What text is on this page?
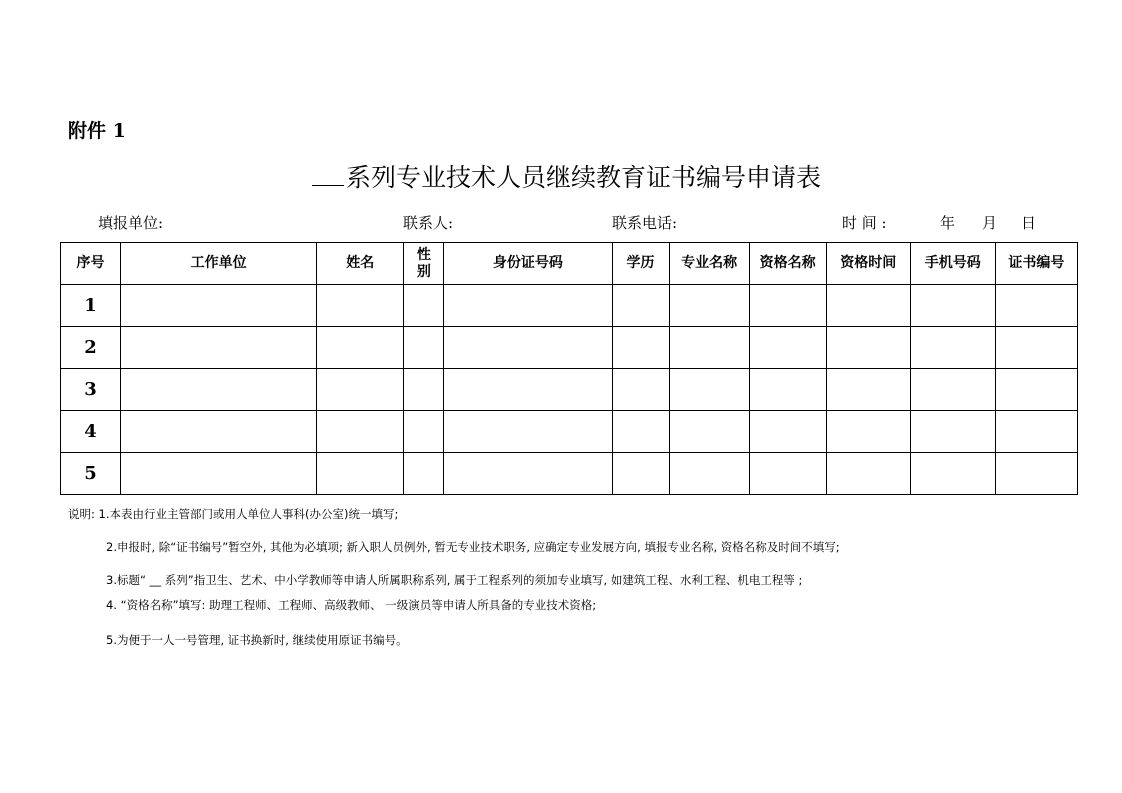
附件 1
系列专业技术人员继续教育证书编号申请表
填报单位:	联系人:	联系电话:	时 间 :	年 月 日
序号	工作单位	姓名	性别	身份证号码	学历	专业名称	资格名称	资格时间	手机号码	证书编号
1										
2										
3										
4										
5										
说明: 1.本表由行业主管部门或用人单位人事科(办公室)统一填写;
2.申报时, 除“证书编号”暂空外, 其他为必填项; 新入职人员例外, 暂无专业技术职务, 应确定专业发展方向, 填报专业名称, 资格名称及时间不填写;
3.标题“ __ 系列”指卫生、艺术、中小学教师等申请人所属职称系列, 属于工程系列的须加专业填写, 如建筑工程、水利工程、机电工程等 ;
4. “资格名称”填写: 助理工程师、工程师、高级教师、 一级演员等申请人所具备的专业技术资格;
5.为便于一人一号管理, 证书换新时, 继续使用原证书编号。
